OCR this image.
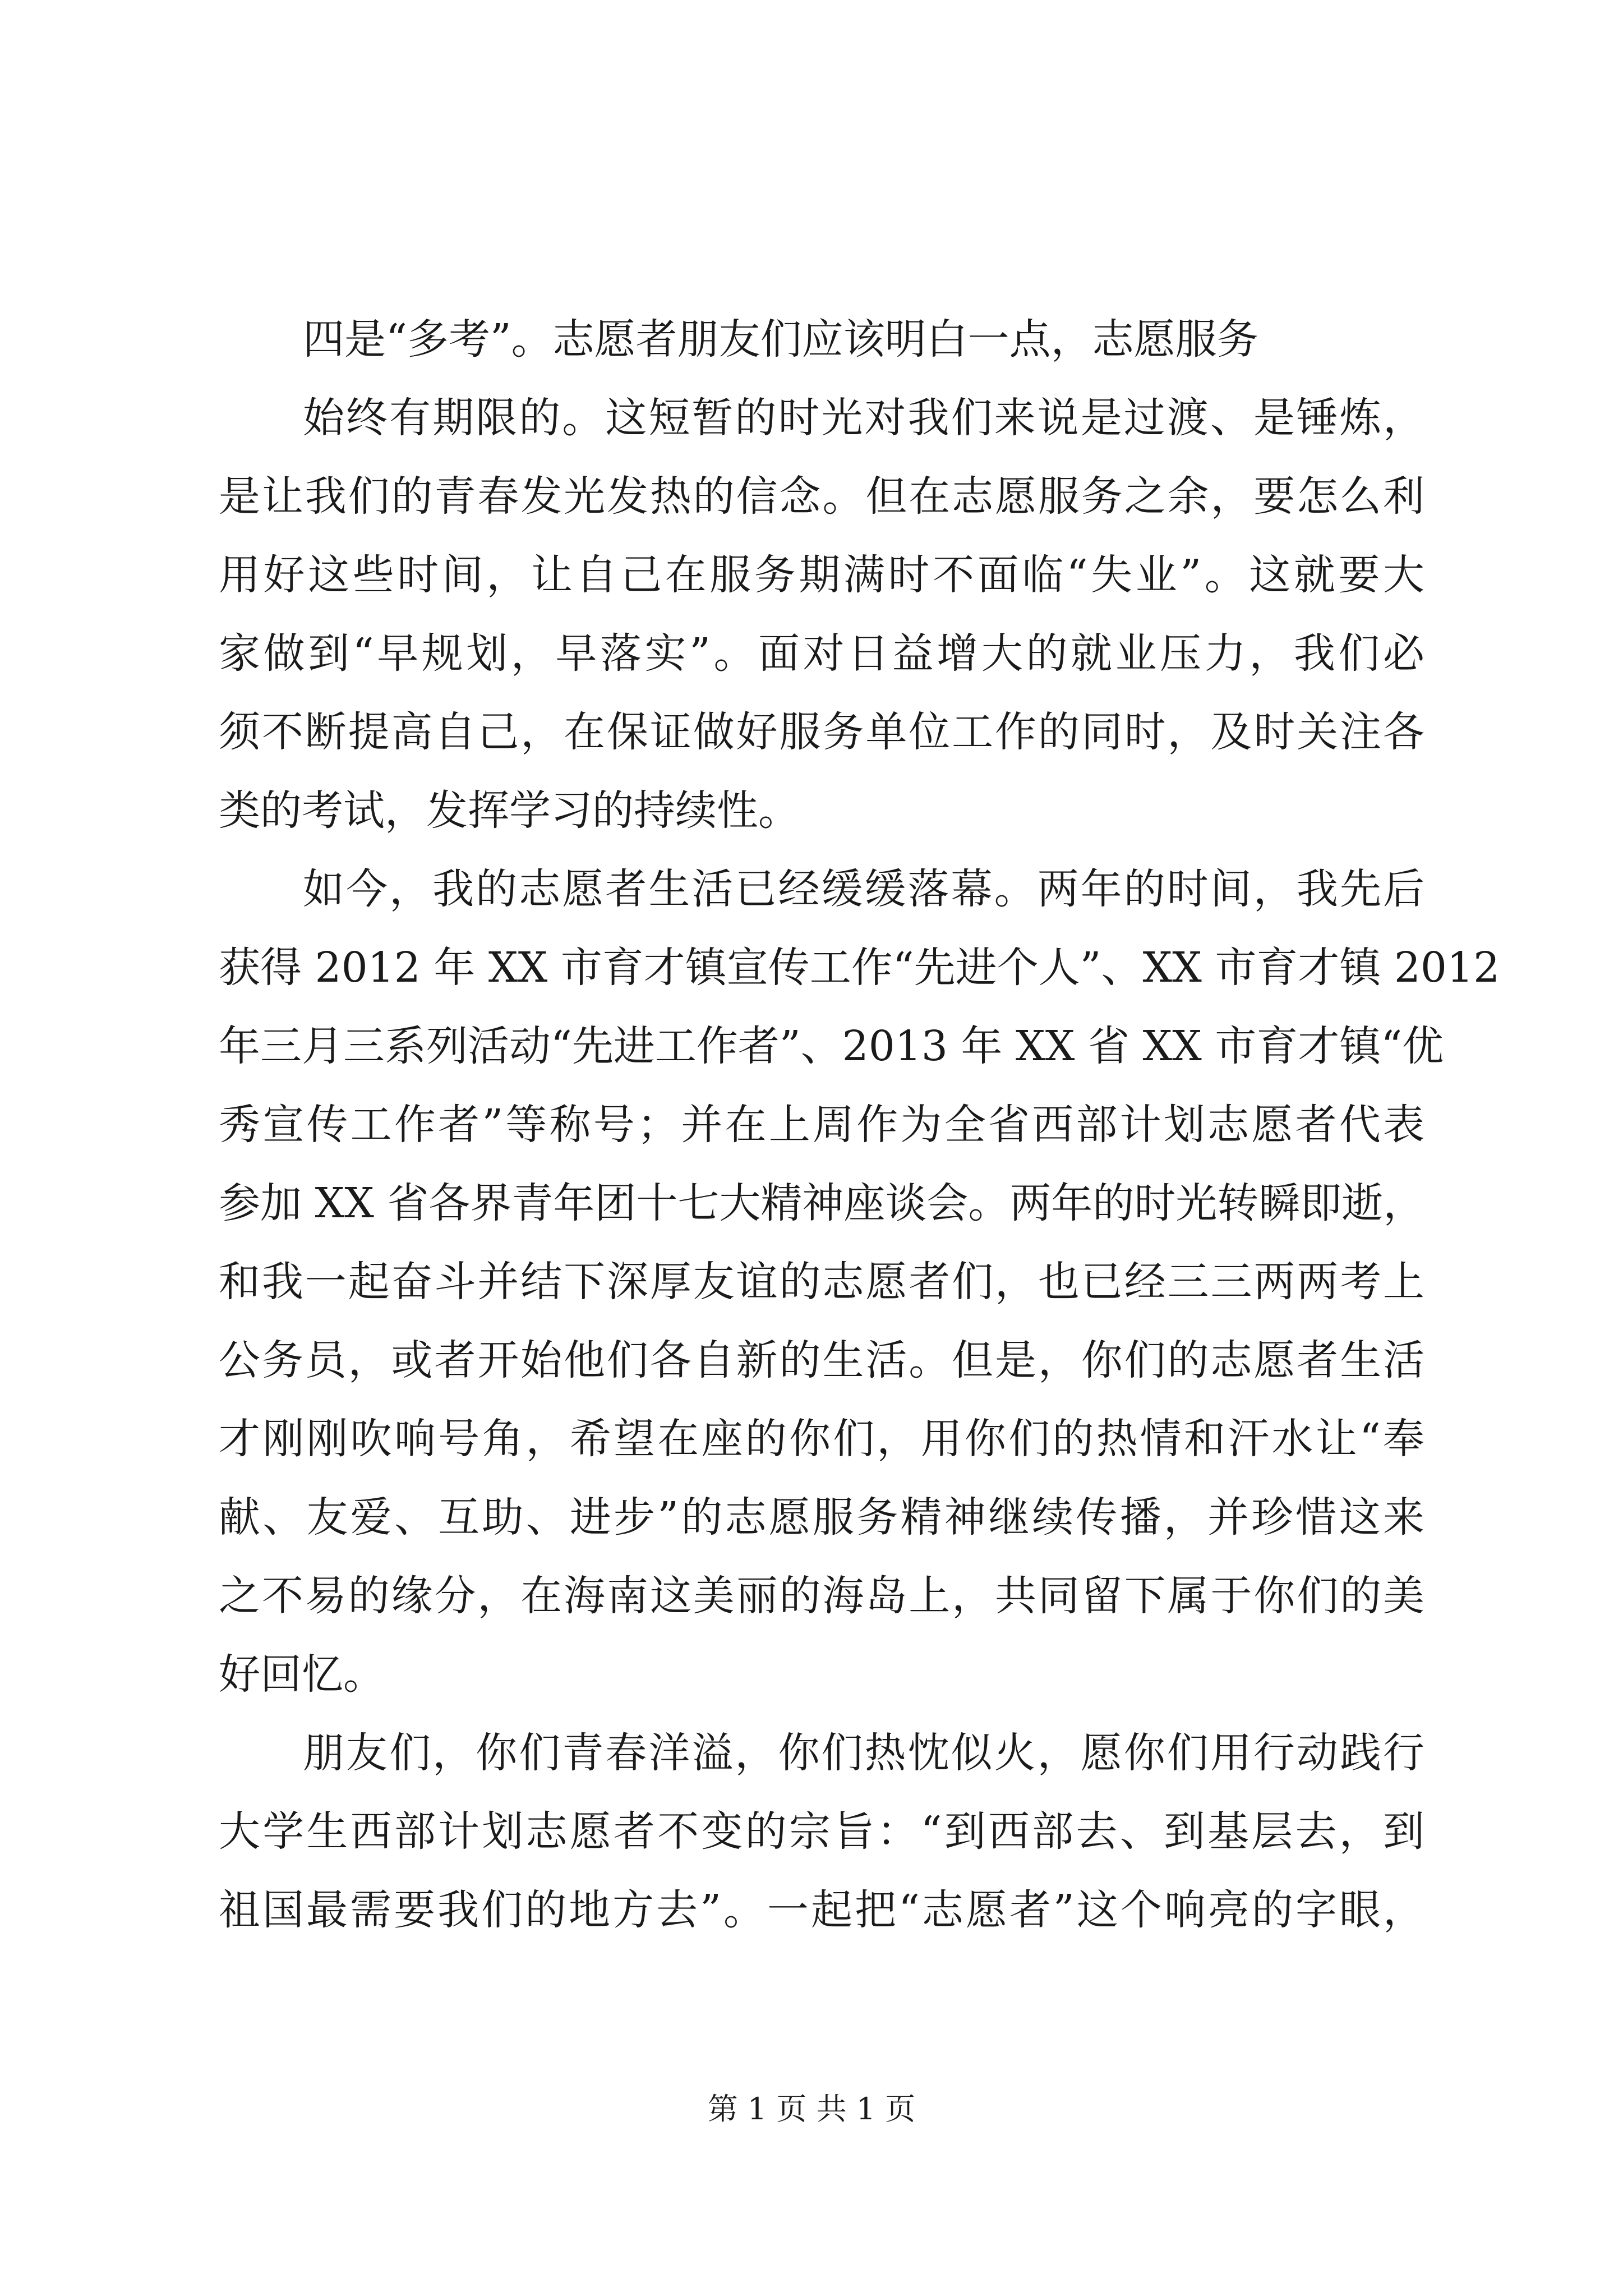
四是“多考”。志愿者朋友们应该明白一点，志愿服务
始终有期限的。这短暂的时光对我们来说是过渡、是锤炼，
是让我们的青春发光发热的信念。但在志愿服务之余，要怎么利
用好这些时间，让自己在服务期满时不面临“失业”。这就要大
家做到“早规划，早落实”。面对日益增大的就业压力，我们必
须不断提高自己，在保证做好服务单位工作的同时，及时关注各
类的考试，发挥学习的持续性。
如今，我的志愿者生活已经缓缓落幕。两年的时间，我先后
获得 2012 年 XX 市育才镇宣传工作“先进个人”、XX 市育才镇 2012
年三月三系列活动“先进工作者”、2013 年 XX 省 XX 市育才镇“优
秀宣传工作者”等称号；并在上周作为全省西部计划志愿者代表
参加 XX 省各界青年团十七大精神座谈会。两年的时光转瞬即逝，
和我一起奋斗并结下深厚友谊的志愿者们，也已经三三两两考上
公务员，或者开始他们各自新的生活。但是，你们的志愿者生活
才刚刚吹响号角，希望在座的你们，用你们的热情和汗水让“奉
献、友爱、互助、进步”的志愿服务精神继续传播，并珍惜这来
之不易的缘分，在海南这美丽的海岛上，共同留下属于你们的美
好回忆。
朋友们，你们青春洋溢，你们热忱似火，愿你们用行动践行
大学生西部计划志愿者不变的宗旨：“到西部去、到基层去，到
祖国最需要我们的地方去”。一起把“志愿者”这个响亮的字眼，
第 1 页 共 1 页
